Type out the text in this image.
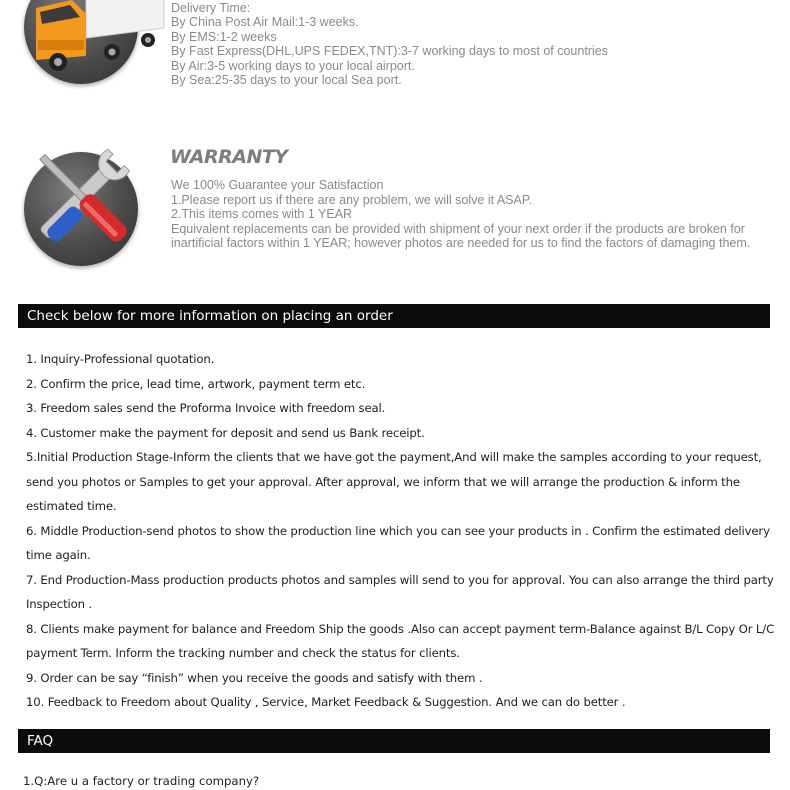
Delivery Time:
By China Post Air Mail:1-3 weeks.
By EMS:1-2 weeks
By Fast Express(DHL,UPS FEDEX,TNT):3-7 working days to most of countries
By Air:3-5 working days to your local airport.
By Sea:25-35 days to your local Sea port.
WARRANTY
We 100% Guarantee your Satisfaction
1.Please report us if there are any problem, we will solve it ASAP.
2.This items comes with 1 YEAR
Equivalent replacements can be provided with shipment of your next order if the products are broken for inartificial factors within 1 YEAR; however photos are needed for us to find the factors of damaging them.
Check below for more information on placing an order

1. Inquiry-Professional quotation.

2. Confirm the price, lead time, artwork, payment term etc.

3. Freedom sales send the Proforma Invoice with freedom seal.

4. Customer make the payment for deposit and send us Bank receipt.

5.Initial Production Stage-Inform the clients that we have got the payment,And will make the samples according to your request, send you photos or Samples to get your approval. After approval, we inform that we will arrange the production & inform the estimated time.

6. Middle Production-send photos to show the production line which you can see your products in . Confirm the estimated delivery time again.

7. End Production-Mass production products photos and samples will send to you for approval. You can also arrange the third party Inspection .

8. Clients make payment for balance and Freedom Ship the goods .Also can accept payment term-Balance against B/L Copy Or L/C payment Term. Inform the tracking number and check the status for clients.

9. Order can be say “finish” when you receive the goods and satisfy with them .

10. Feedback to Freedom about Quality , Service, Market Feedback & Suggestion. And we can do better .

FAQ
1.Q:Are u a factory or trading company?
